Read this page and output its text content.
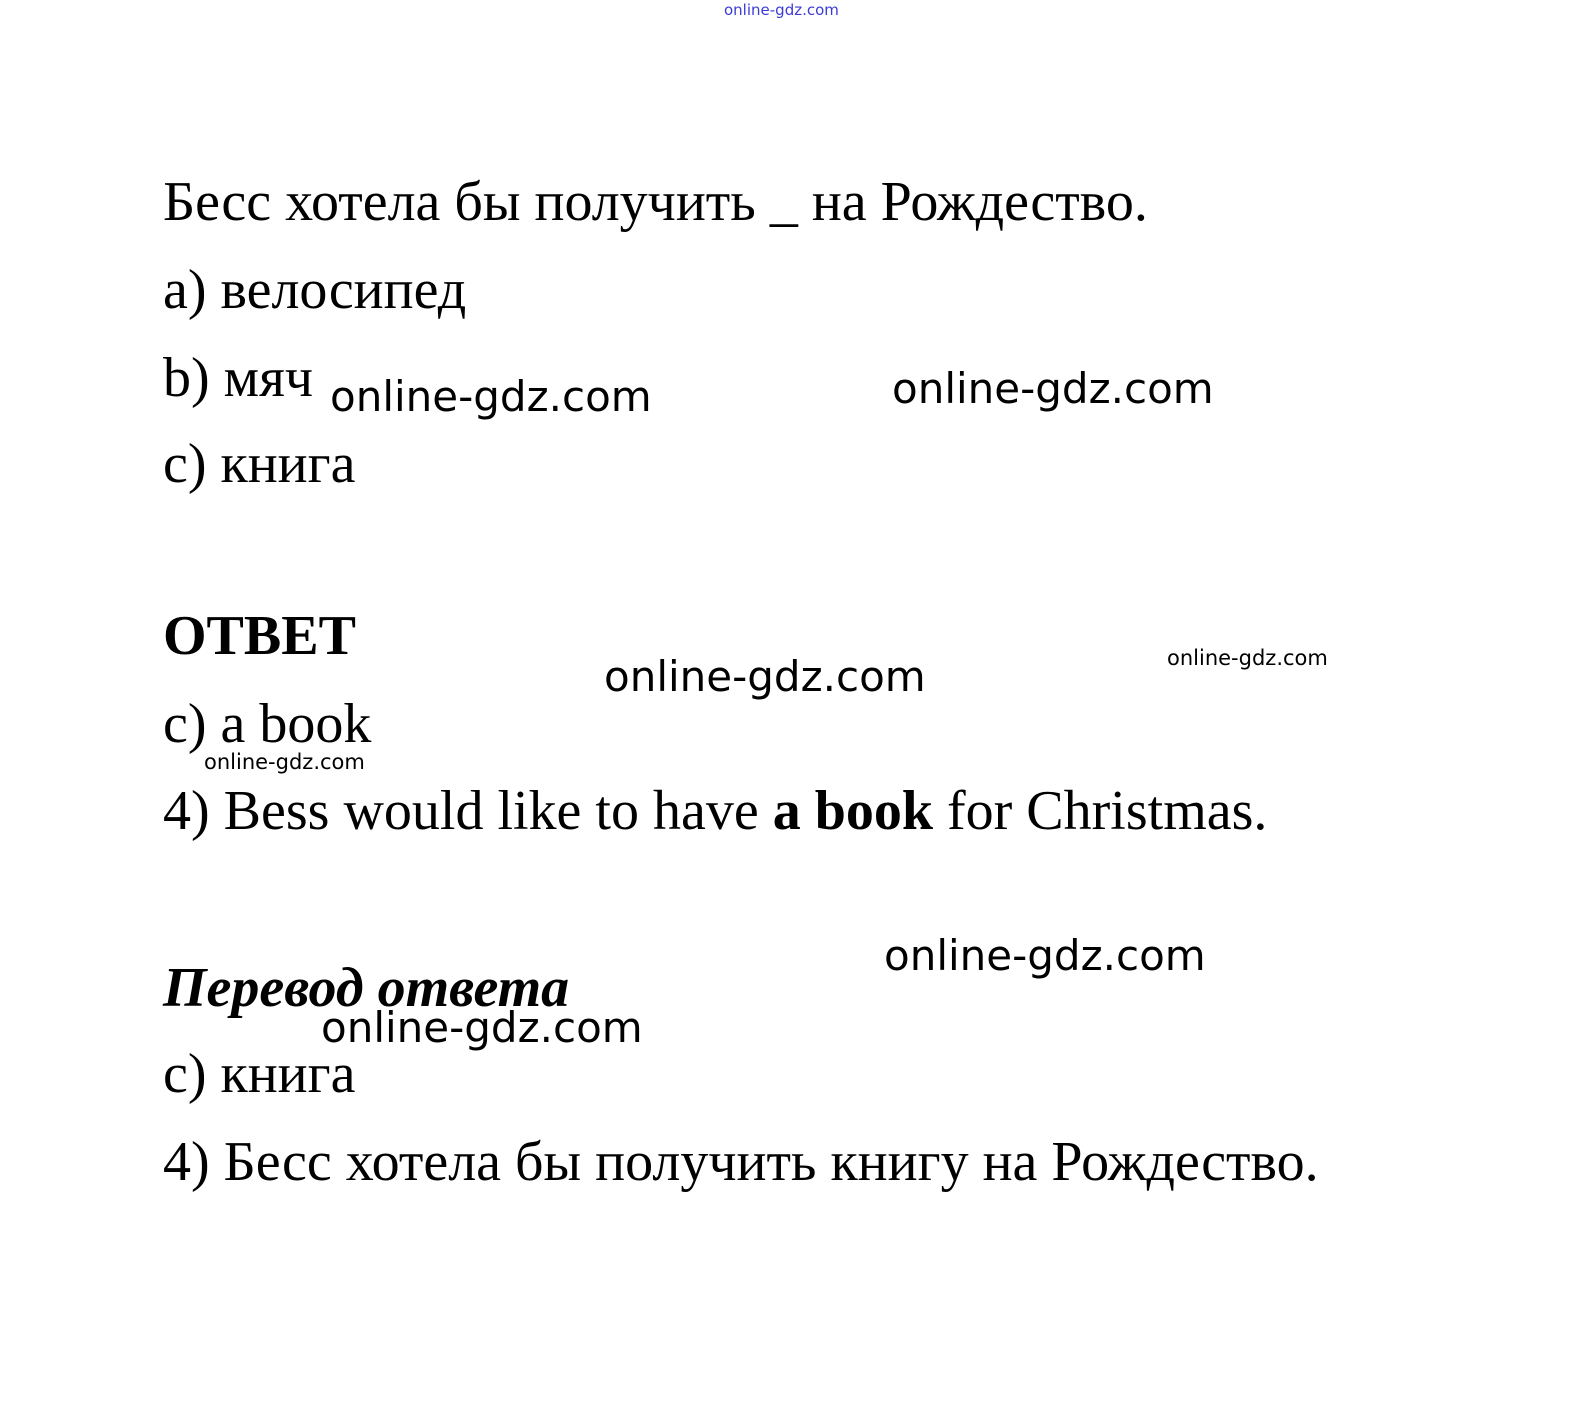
online-gdz.com
Бесс хотела бы получить _ на Рождество.
a) велосипед
b) мяч
c) книга
ОТВЕТ
c) a book
4) Bess would like to have a book for Christmas.
Перевод ответа
c) книга
4) Бесс хотела бы получить книгу на Рождество.
online-gdz.com	online-gdz.com
online-gdz.com	online-gdz.com
online-gdz.com
online-gdz.com
online-gdz.com
